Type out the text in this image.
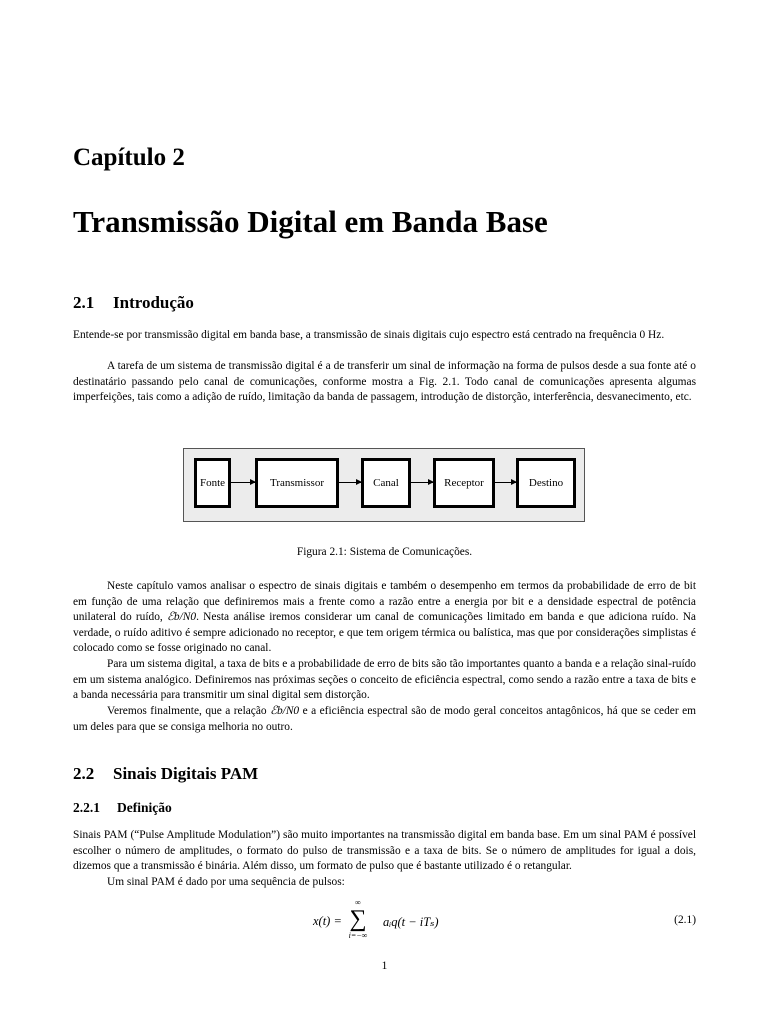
Capítulo 2
Transmissão Digital em Banda Base
2.1 Introdução

Entende-se por transmissão digital em banda base, a transmissão de sinais digitais cujo espectro está centrado na frequência 0 Hz.

A tarefa de um sistema de transmissão digital é a de transferir um sinal de informação na forma de pulsos desde a sua fonte até o destinatário passando pelo canal de comunicações, conforme mostra a Fig. 2.1. Todo canal de comunicações apresenta algumas imperfeições, tais como a adição de ruído, limitação da banda de passagem, introdução de distorção, interferência, desvanecimento, etc.

Fonte	Transmissor	Canal	Receptor	Destino

Figura 2.1: Sistema de Comunicações.

Neste capítulo vamos analisar o espectro de sinais digitais e também o desempenho em termos da probabilidade de erro de bit em função de uma relação que definiremos mais a frente como a razão entre a energia por bit e a densidade espectral de potência unilateral do ruído, ℰb/N0. Nesta análise iremos considerar um canal de comunicações limitado em banda e que adiciona ruído. Na verdade, o ruído aditivo é sempre adicionado no receptor, e que tem origem térmica ou balística, mas que por considerações simplistas é colocado como se fosse originado no canal.

Para um sistema digital, a taxa de bits e a probabilidade de erro de bits são tão importantes quanto a banda e a relação sinal-ruído em um sistema analógico. Definiremos nas próximas seções o conceito de eficiência espectral, como sendo a razão entre a taxa de bits e a banda necessária para transmitir um sinal digital sem distorção.

Veremos finalmente, que a relação ℰb/N0 e a eficiência espectral são de modo geral conceitos antagônicos, há que se ceder em um deles para que se consiga melhoria no outro.

2.2 Sinais Digitais PAM
2.2.1 Definição

Sinais PAM (“Pulse Amplitude Modulation”) são muito importantes na transmissão digital em banda base. Em um sinal PAM é possível escolher o número de amplitudes, o formato do pulso de transmissão e a taxa de bits. Se o número de amplitudes for igual a dois, dizemos que a transmissão é binária. Além disso, um formato de pulso que é bastante utilizado é o retangular.

Um sinal PAM é dado por uma sequência de pulsos:

x(t) =
∞
∑
i=−∞
aᵢq(t − iTₛ)	(2.1)

1
